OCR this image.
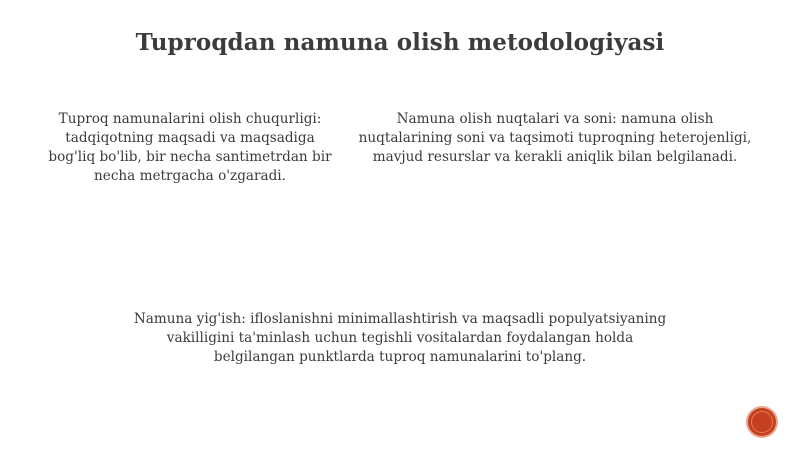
Tuproqdan namuna olish metodologiyasi
Tuproq namunalarini olish chuqurligi:
tadqiqotning maqsadi va maqsadiga
bog'liq bo'lib, bir necha santimetrdan bir
necha metrgacha o'zgaradi.
Namuna olish nuqtalari va soni: namuna olish
nuqtalarining soni va taqsimoti tuproqning heterojenligi,
mavjud resurslar va kerakli aniqlik bilan belgilanadi.
Namuna yig'ish: ifloslanishni minimallashtirish va maqsadli populyatsiyaning
vakilligini ta'minlash uchun tegishli vositalardan foydalangan holda
belgilangan punktlarda tuproq namunalarini to'plang.
